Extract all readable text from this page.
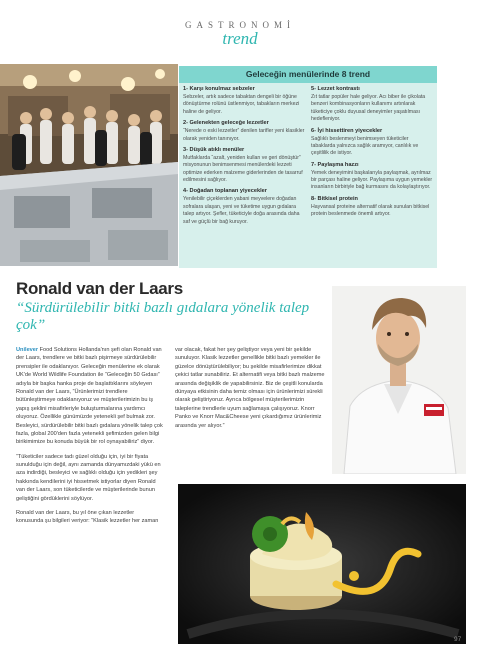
GASTRONOMİ
trend
Geleceğin menülerinde 8 trend
1- Karşı konulmaz sebzeler
Sebzeler, artık sadece tabaktan dengeli bir öğüne dönüştürme rolünü üstlenmiyor, tabakların merkezi haline de geliyor.
2- Gelenekten geleceğe lezzetler
“Nerede o eski lezzetler” denilen tarifler yeni klasikler olarak yeniden tanınıyor.
3- Düşük atıklı menüler
Mutfaklarda “azalt, yeniden kullan ve geri dönüştür” misyonunun benimsenmesi menülerdeki lezzeti optimize ederken malzeme giderlerinden de tasarruf edilmesini sağlıyor.
4- Doğadan toplanan yiyecekler
Yenilebilir çiçeklerden yabani meyvelere doğadan sofralara ulaşan, yeni ve tüketime uygun gıdalara talep artıyor. Şefler, tüketiciyle doğa arasında daha saf ve güçlü bir bağ kuruyor.
5- Lezzet kontrastı
Zıt tatlar popüler hale geliyor. Acı biber ile çikolata benzeri kombinasyonların kullanımı artınlarak tüketiciye çoklu duyusal deneyimler yaşatılması hedefleniyor.
6- İyi hissettiren yiyecekler
Sağlıklı beslenmeyi benimseyen tüketiciler tabaklarda yalnızca sağlık aramıyor, canlılık ve çeşitlilik de istiyor.
7- Paylaşma hazzı
Yemek deneyimini başkalarıyla paylaşmak, ayrılmaz bir parçası haline geliyor. Paylaşıma uygun yemekler insanların birbiriyle bağ kurmasını da kolaylaştırıyor.
8- Bitkisel protein
Hayvansal proteine alternatif olarak sunulan bitkisel protein beslenmede önemli artıyor.
Ronald van der Laars
“Sürdürülebilir bitki bazlı gıdalara yönelik talep çok”

Unilever Food Solutions Hollanda'nın şefi olan Ronald van der Laars, trendlere ve bitki bazlı pişirmeye sürdürülebilir prensipler ile odaklanıyor. Geleceğin menülerine ek olarak UK'de World Wildlife Foundation ile “Geleceğin 50 Gıdası” adıyla bir başka hanka proje de başlattıklarını söyleyen Ronald van der Laars, “Ürünlerimizi trendlere bütünleştirmeye odaklanıyoruz ve müşterilerimizin bu iş yapış şeklini misafirleriyle buluşturmalarına yardımcı oluyoruz. Özellikle günümüzde yetenekli şef bulmak zor. Besleyici, sürdürülebilir bitki bazlı gıdalara yönelik talep çok fazla, global 200'den fazla yetenekli şefimizden gelen bilgi birikimimize bu konuda büyük bir rol oynayabiliriz” diyor.

“Tüketiciler sadece tadı güzel olduğu için, iyi bir fiyata sunulduğu için değil, aynı zamanda dünyamızdaki yükü en aza indirdiği, besleyici ve sağlıklı olduğu için yedikleri şey hakkında kendilerini iyi hissetmek istiyorlar diyen Ronald van der Laars, son tüketicilerde ve müşterilerinde bunun geliştiğini gördüklerini söylüyor.

Ronald van der Laars, bu yıl öne çıkan lezzetler konusunda şu bilgileri veriyor: “Klasik lezzetler her zaman

var olacak, fakat her şey geliştiyor veya yeni bir şekilde sunuluyor. Klasik lezzetler genellikle bitki bazlı yemekler ile güzelce dönüştürülebiliyor; bu şekilde misafirlerimize dikkat çekici tatlar sunabiliriz. Et alternatifi veya bitki bazlı malzeme arasında değişiklik de yapabilirsiniz. Biz de çeşitli konularda dünyaya etkisinin daha temiz olması için ürünlerimizi sürekli olarak geliştiriyoruz. Ayrıca bölgesel müşterilerimizin taleplerine trendlerle uyum sağlamaya çalışıyoruz. Knorr Panko ve Knorr Mac&Cheese yeni çıkardığımız ürünlerimiz arasında yer alıyor.”

97
